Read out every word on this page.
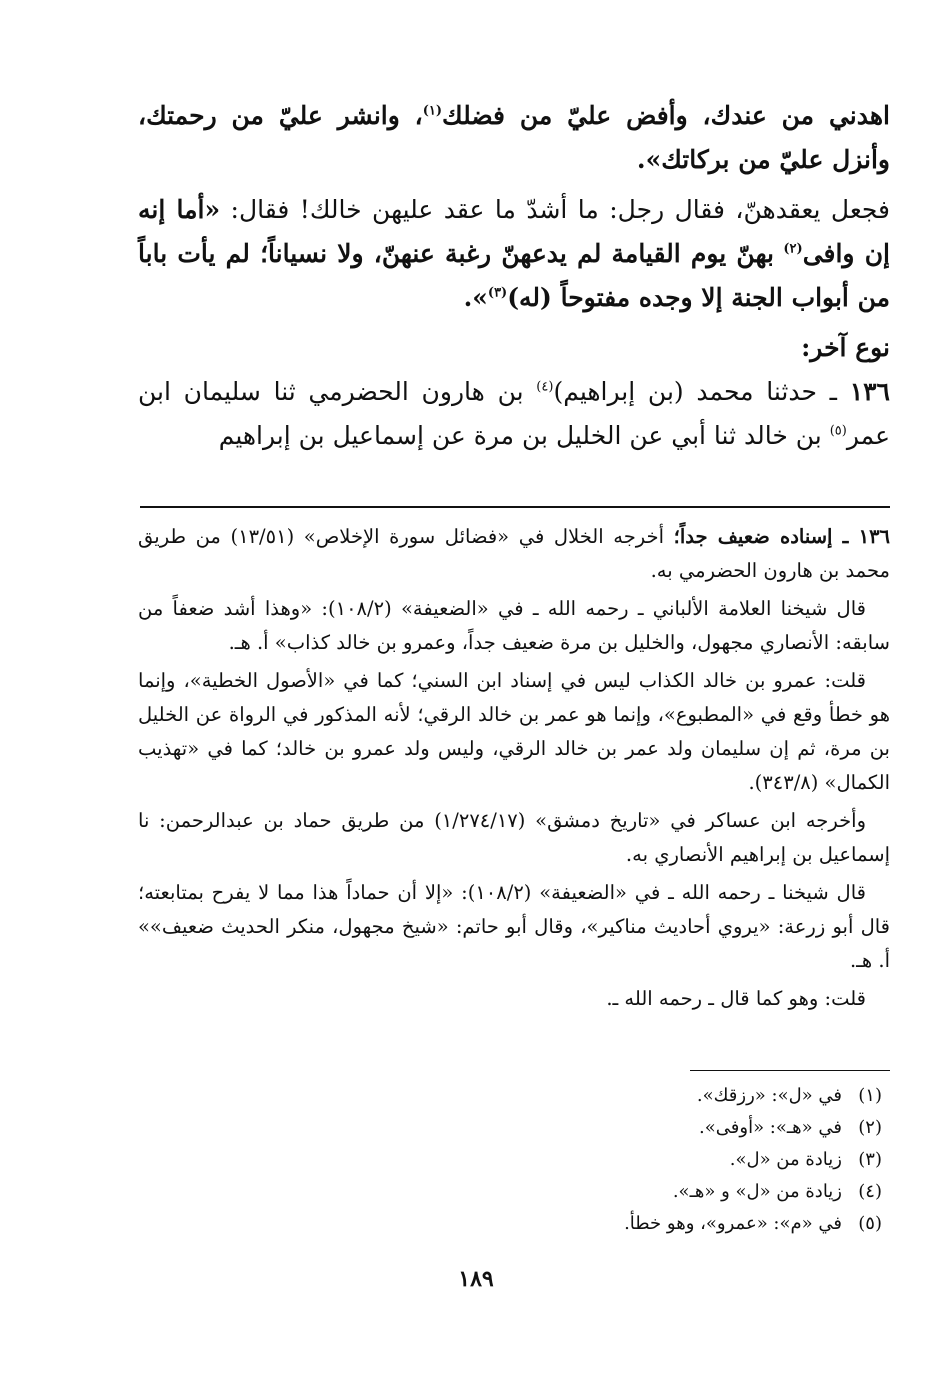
اهدني من عندك، وأفض عليّ من فضلك$^{(١)}$، وانشر عليّ من رحمتك، وأنزل عليّ من بركاتك».

فجعل يعقدهنّ، فقال رجل: ما أشدّ ما عقد عليهن خالك! فقال: «أما إنه إن وافى$^{(٢)}$ بهنّ يوم القيامة لم يدعهنّ رغبة عنهنّ، ولا نسياناً؛ لم يأت باباً من أبواب الجنة إلا وجده مفتوحاً (له)$^{(٣)}$».

نوع آخر:

١٣٦ ـ حدثنا محمد (بن إبراهيم)$^{(٤)}$ بن هارون الحضرمي ثنا سليمان ابن عمر$^{(٥)}$ بن خالد ثنا أبي عن الخليل بن مرة عن إسماعيل بن إبراهيم

١٣٦ ـ إسناده ضعيف جداً؛ أخرجه الخلال في «فضائل سورة الإخلاص» (١٣/٥١) من طريق محمد بن هارون الحضرمي به.

قال شيخنا العلامة الألباني ـ رحمه الله ـ في «الضعيفة» (١٠٨/٢): «وهذا أشد ضعفاً من سابقه: الأنصاري مجهول، والخليل بن مرة ضعيف جداً، وعمرو بن خالد كذاب» أ. هـ.

قلت: عمرو بن خالد الكذاب ليس في إسناد ابن السني؛ كما في «الأصول الخطية»، وإنما هو خطأ وقع في «المطبوع»، وإنما هو عمر بن خالد الرقي؛ لأنه المذكور في الرواة عن الخليل بن مرة، ثم إن سليمان ولد عمر بن خالد الرقي، وليس ولد عمرو بن خالد؛ كما في «تهذيب الكمال» (٣٤٣/٨).

وأخرجه ابن عساكر في «تاريخ دمشق» (١/٢٧٤/١٧) من طريق حماد بن عبدالرحمن: نا إسماعيل بن إبراهيم الأنصاري به.

قال شيخنا ـ رحمه الله ـ في «الضعيفة» (١٠٨/٢): «إلا أن حماداً هذا مما لا يفرح بمتابعته؛ قال أبو زرعة: «يروي أحاديث مناكير»، وقال أبو حاتم: «شيخ مجهول، منكر الحديث ضعيف»» أ. هـ.

قلت: وهو كما قال ـ رحمه الله ـ.

(١)
في «ل»: «رزقك».
(٢)
في «هـ»: «أوفى».
(٣)
زيادة من «ل».
(٤)
زيادة من «ل» و «هـ».
(٥)
في «م»: «عمرو»، وهو خطأ.
١٨٩
